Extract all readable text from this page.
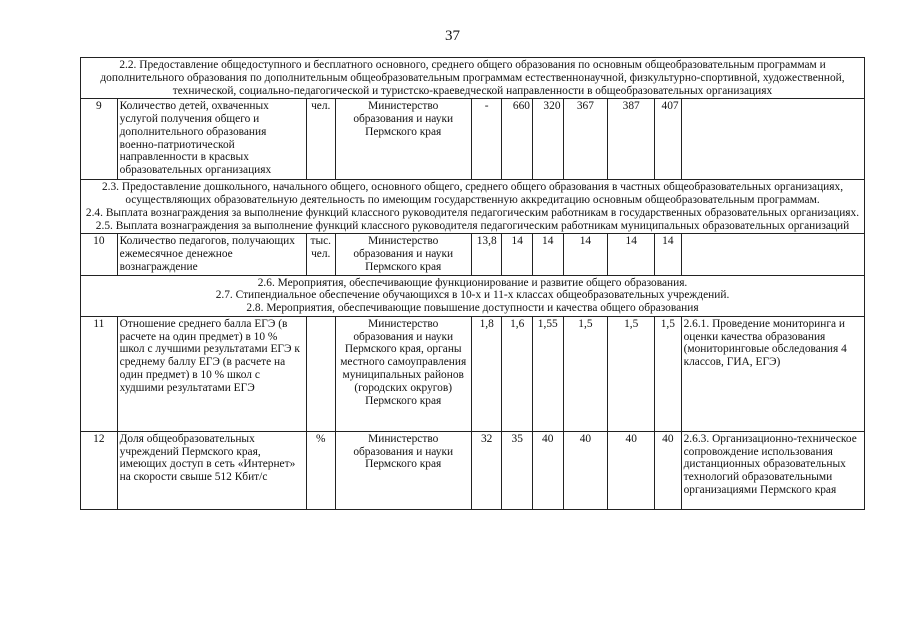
37
2.2. Предоставление общедоступного и бесплатного основного, среднего общего образования по основным общеобразовательным программам и дополнительного образования по дополнительным общеобразовательным программам естественнонаучной, физкультурно-спортивной, художественной, технической, социально-педагогической и туристско-краеведческой направленности в общеобразовательных организациях										
9	Количество детей, охваченных услугой получения общего и дополнительного образования военно-патриотической направленности в красвых образовательных организациях	чел.	Министерство образования и науки Пермского края	-	660	320	367	387	407	

2.3. Предоставление дошкольного, начального общего, основного общего, среднего общего образования в частных общеобразовательных организациях, осуществляющих образовательную деятельность по имеющим государственную аккредитацию основным общеобразовательным программам.
2.4. Выплата вознаграждения за выполнение функций классного руководителя педагогическим работникам в государственных образовательных организациях.
2.5. Выплата вознаграждения за выполнение функций классного руководителя педагогическим работникам муниципальных образовательных организаций										

10	Количество педагогов, получающих ежемесячное денежное вознаграждение	тыс. чел.	Министерство образования и науки Пермского края	13,8	14	14	14	14	14	

2.6. Мероприятия, обеспечивающие функционирование и развитие общего образования.
2.7. Стипендиальное обеспечение обучающихся в 10-х и 11-х классах общеобразовательных учреждений.
2.8. Мероприятия, обеспечивающие повышение доступности и качества общего образования										

11	Отношение среднего балла ЕГЭ (в расчете на один предмет) в 10 % школ с лучшими результатами ЕГЭ к среднему баллу ЕГЭ (в расчете на один предмет) в 10 % школ с худшими результатами ЕГЭ		Министерство образования и науки Пермского края, органы местного самоуправления муниципальных районов (городских округов) Пермского края	1,8	1,6	1,55	1,5	1,5	1,5	2.6.1. Проведение мониторинга и оценки качества образования (мониторинговые обследования 4 классов, ГИА, ЕГЭ)
12	Доля общеобразовательных учреждений Пермского края, имеющих доступ в сеть «Интернет» на скорости свыше 512 Кбит/с	%	Министерство образования и науки Пермского края	32	35	40	40	40	40	2.6.3. Организационно-техническое сопровождение использования дистанционных образовательных технологий образовательными организациями Пермского края
